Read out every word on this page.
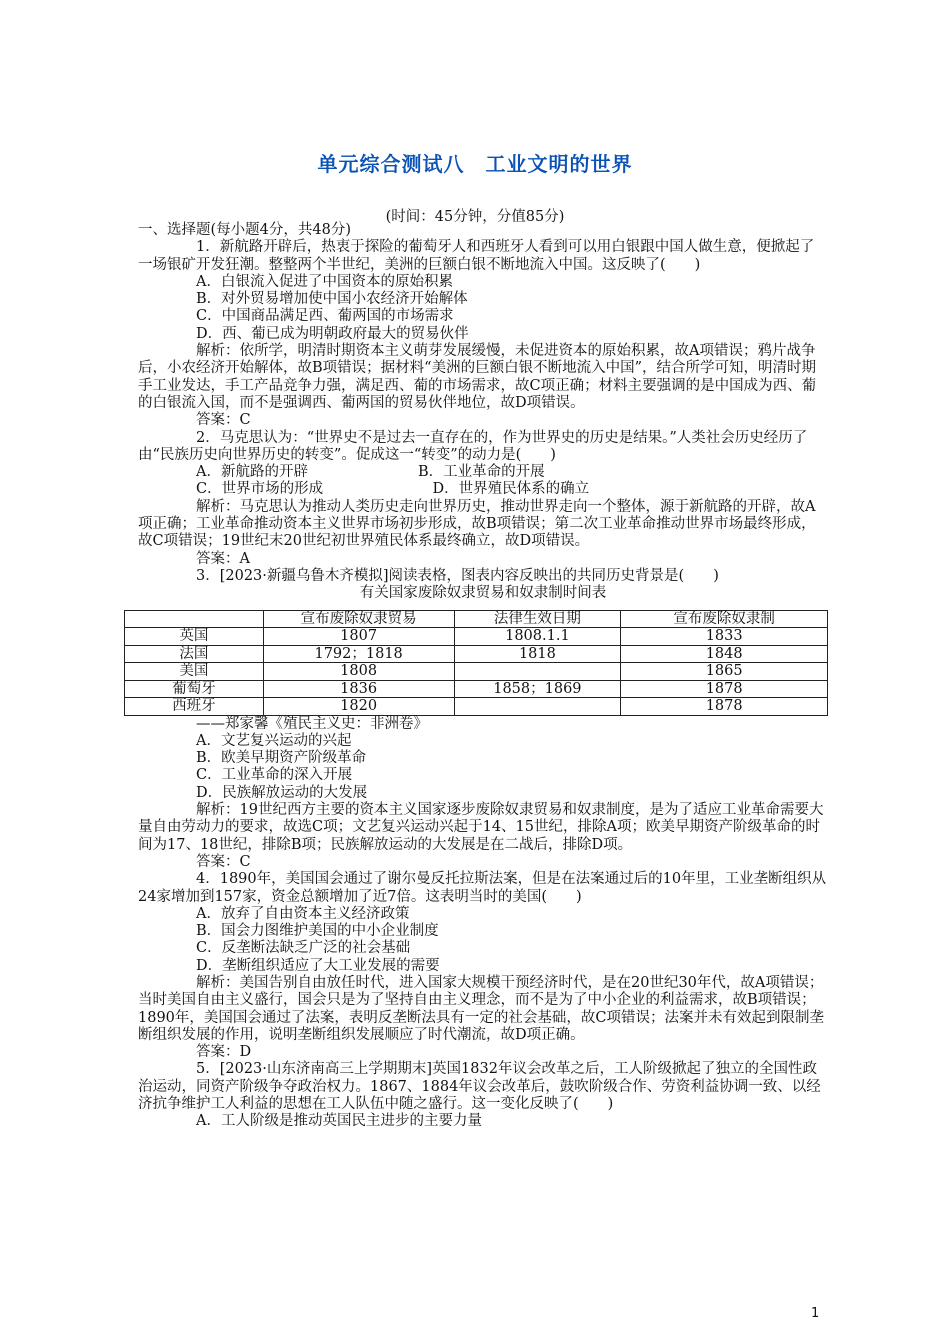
单元综合测试八　工业文明的世界
(时间：45分钟，分值85分)

一、选择题(每小题4分，共48分)

1．新航路开辟后，热衷于探险的葡萄牙人和西班牙人看到可以用白银跟中国人做生意，便掀起了一场银矿开发狂潮。整整两个半世纪，美洲的巨额白银不断地流入中国。这反映了(　　)

A．白银流入促进了中国资本的原始积累

B．对外贸易增加使中国小农经济开始解体

C．中国商品满足西、葡两国的市场需求

D．西、葡已成为明朝政府最大的贸易伙伴

解析：依所学，明清时期资本主义萌芽发展缓慢，未促进资本的原始积累，故A项错误；鸦片战争后，小农经济开始解体，故B项错误；据材料“美洲的巨额白银不断地流入中国”，结合所学可知，明清时期手工业发达，手工产品竞争力强，满足西、葡的市场需求，故C项正确；材料主要强调的是中国成为西、葡的白银流入国，而不是强调西、葡两国的贸易伙伴地位，故D项错误。

答案：C

2．马克思认为：“世界史不是过去一直存在的，作为世界史的历史是结果。”人类社会历史经历了由“民族历史向世界历史的转变”。促成这一“转变”的动力是(　　)

A．新航路的开辟	B．工业革命的开展
C．世界市场的形成　	D．世界殖民体系的确立

解析：马克思认为推动人类历史走向世界历史，推动世界走向一个整体，源于新航路的开辟，故A项正确；工业革命推动资本主义世界市场初步形成，故B项错误；第二次工业革命推动世界市场最终形成，故C项错误；19世纪末20世纪初世界殖民体系最终确立，故D项错误。

答案：A

3．[2023·新疆乌鲁木齐模拟]阅读表格，图表内容反映出的共同历史背景是(　　)

有关国家废除奴隶贸易和奴隶制时间表

	宣布废除奴隶贸易	法律生效日期	宣布废除奴隶制
英国	1807	1808.1.1	1833
法国	1792；1818	1818	1848
美国	1808		1865
葡萄牙	1836	1858；1869	1878
西班牙	1820		1878

——郑家馨《殖民主义史：非洲卷》

A．文艺复兴运动的兴起

B．欧美早期资产阶级革命

C．工业革命的深入开展

D．民族解放运动的大发展

解析：19世纪西方主要的资本主义国家逐步废除奴隶贸易和奴隶制度，是为了适应工业革命需要大量自由劳动力的要求，故选C项；文艺复兴运动兴起于14、15世纪，排除A项；欧美早期资产阶级革命的时间为17、18世纪，排除B项；民族解放运动的大发展是在二战后，排除D项。

答案：C

4．1890年，美国国会通过了谢尔曼反托拉斯法案，但是在法案通过后的10年里，工业垄断组织从24家增加到157家，资金总额增加了近7倍。这表明当时的美国(　　)

A．放弃了自由资本主义经济政策

B．国会力图维护美国的中小企业制度

C．反垄断法缺乏广泛的社会基础

D．垄断组织适应了大工业发展的需要

解析：美国告别自由放任时代，进入国家大规模干预经济时代，是在20世纪30年代，故A项错误；当时美国自由主义盛行，国会只是为了坚持自由主义理念，而不是为了中小企业的利益需求，故B项错误；1890年，美国国会通过了法案，表明反垄断法具有一定的社会基础，故C项错误；法案并未有效起到限制垄断组织发展的作用，说明垄断组织发展顺应了时代潮流，故D项正确。

答案：D

5．[2023·山东济南高三上学期期末]英国1832年议会改革之后，工人阶级掀起了独立的全国性政治运动，同资产阶级争夺政治权力。1867、1884年议会改革后，鼓吹阶级合作、劳资利益协调一致、以经济抗争维护工人利益的思想在工人队伍中随之盛行。这一变化反映了(　　)

A．工人阶级是推动英国民主进步的主要力量

1
